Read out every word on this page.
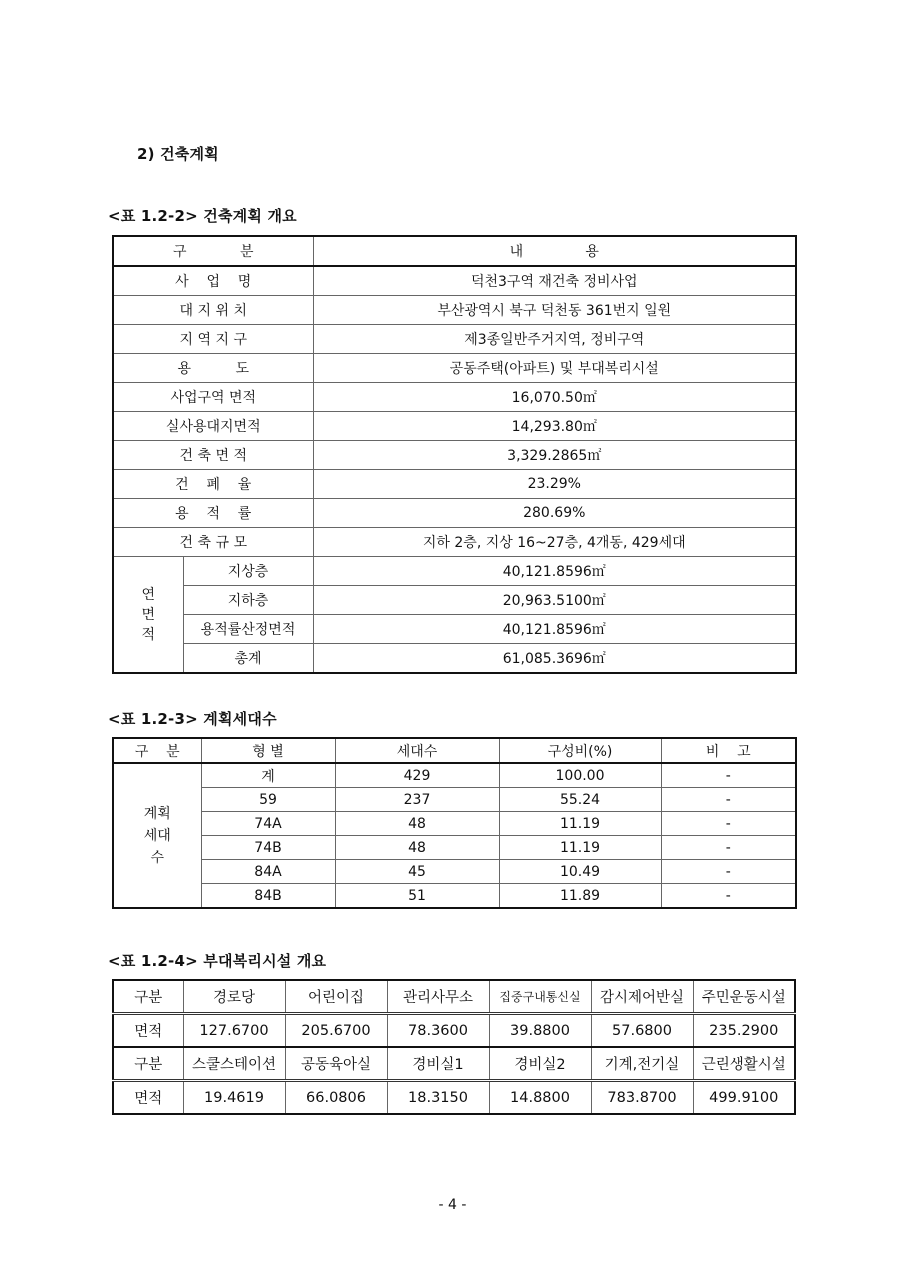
2) 건축계획
<표 1.2-2> 건축계획 개요
구            분		내              용
사    업    명		덕천3구역 재건축 정비사업
대 지 위 치		부산광역시 북구 덕천동 361번지 일원
지 역 지 구		제3종일반주거지역, 정비구역
용          도		공동주택(아파트) 및 부대복리시설
사업구역 면적		16,070.50㎡
실사용대지면적		14,293.80㎡
건 축 면 적		3,329.2865㎡
건    폐    율		23.29%
용    적    률		280.69%
건 축 규 모		지하 2층, 지상 16~27층, 4개동, 429세대

연 면 적	지상층	40,121.8596㎡
	지하층	20,963.5100㎡
	용적률산정면적	40,121.8596㎡
	총계	61,085.3696㎡
<표 1.2-3> 계획세대수
구    분	형 별	세대수	구성비(%)	비    고

계획 세대수	계	429	100.00	-
	59	237	55.24	-
	74A	48	11.19	-
	74B	48	11.19	-
	84A	45	10.49	-
	84B	51	11.89	-
<표 1.2-4> 부대복리시설 개요
구분	경로당	어린이집	관리사무소	집중구내통신실	감시제어반실	주민운동시설
면적	127.6700	205.6700	78.3600	39.8800	57.6800	235.2900
구분	스쿨스테이션	공동육아실	경비실1	경비실2	기계,전기실	근린생활시설
면적	19.4619	66.0806	18.3150	14.8800	783.8700	499.9100
- 4 -
